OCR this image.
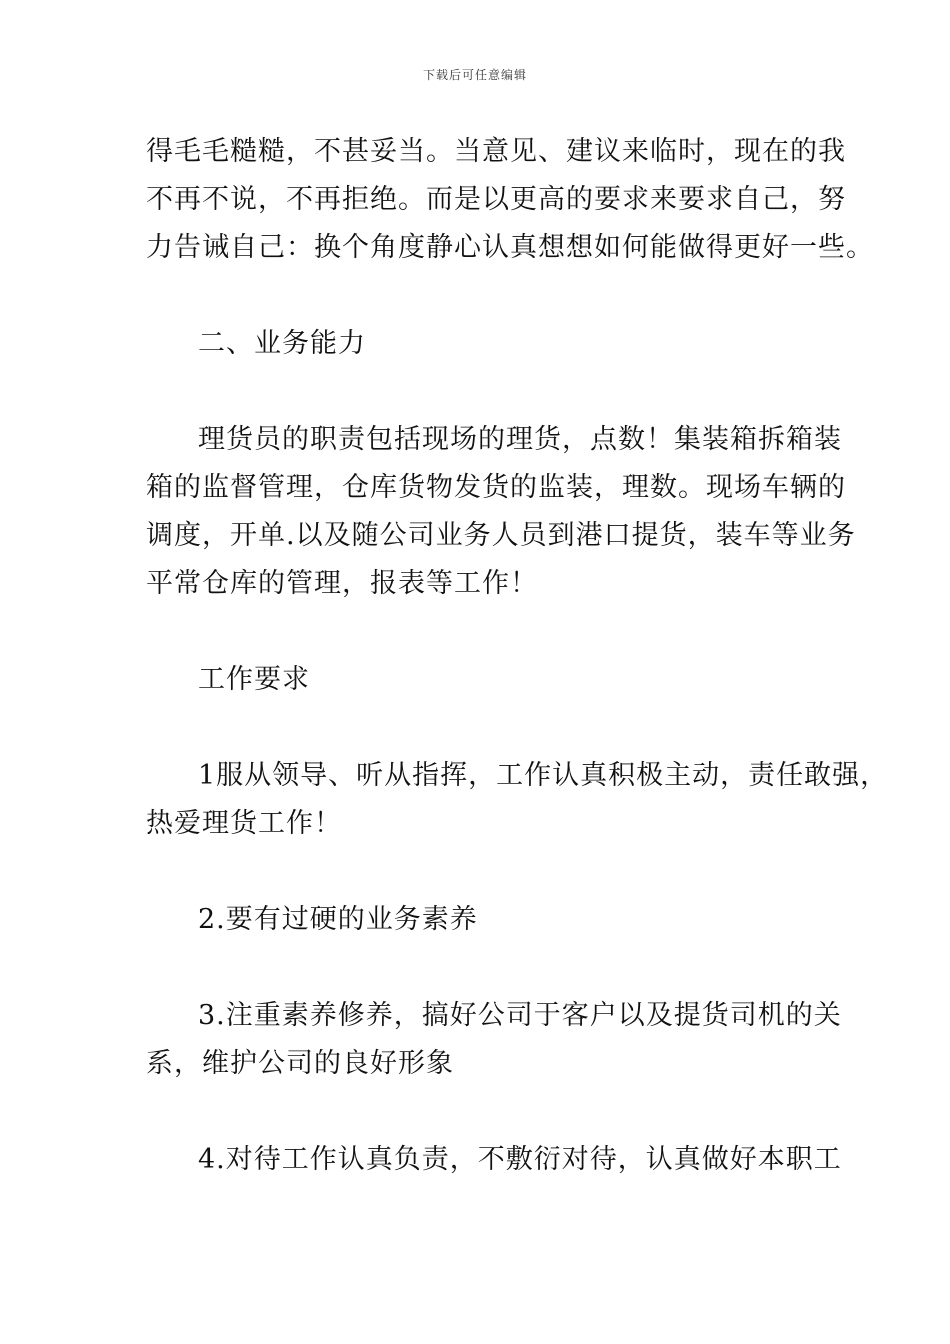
下载后可任意编辑
得毛毛糙糙，不甚妥当。当意见、建议来临时，现在的我
不再不说，不再拒绝。而是以更高的要求来要求自己，努
力告诫自己：换个角度静心认真想想如何能做得更好一些。
二、业务能力
理货员的职责包括现场的理货，点数！集装箱拆箱装
箱的监督管理，仓库货物发货的监装，理数。现场车辆的
调度，开单.以及随公司业务人员到港口提货，装车等业务
平常仓库的管理，报表等工作！
工作要求
1服从领导、听从指挥，工作认真积极主动，责任敢强，
热爱理货工作！
2.要有过硬的业务素养
3.注重素养修养，搞好公司于客户以及提货司机的关
系，维护公司的良好形象
4.对待工作认真负责，不敷衍对待，认真做好本职工
